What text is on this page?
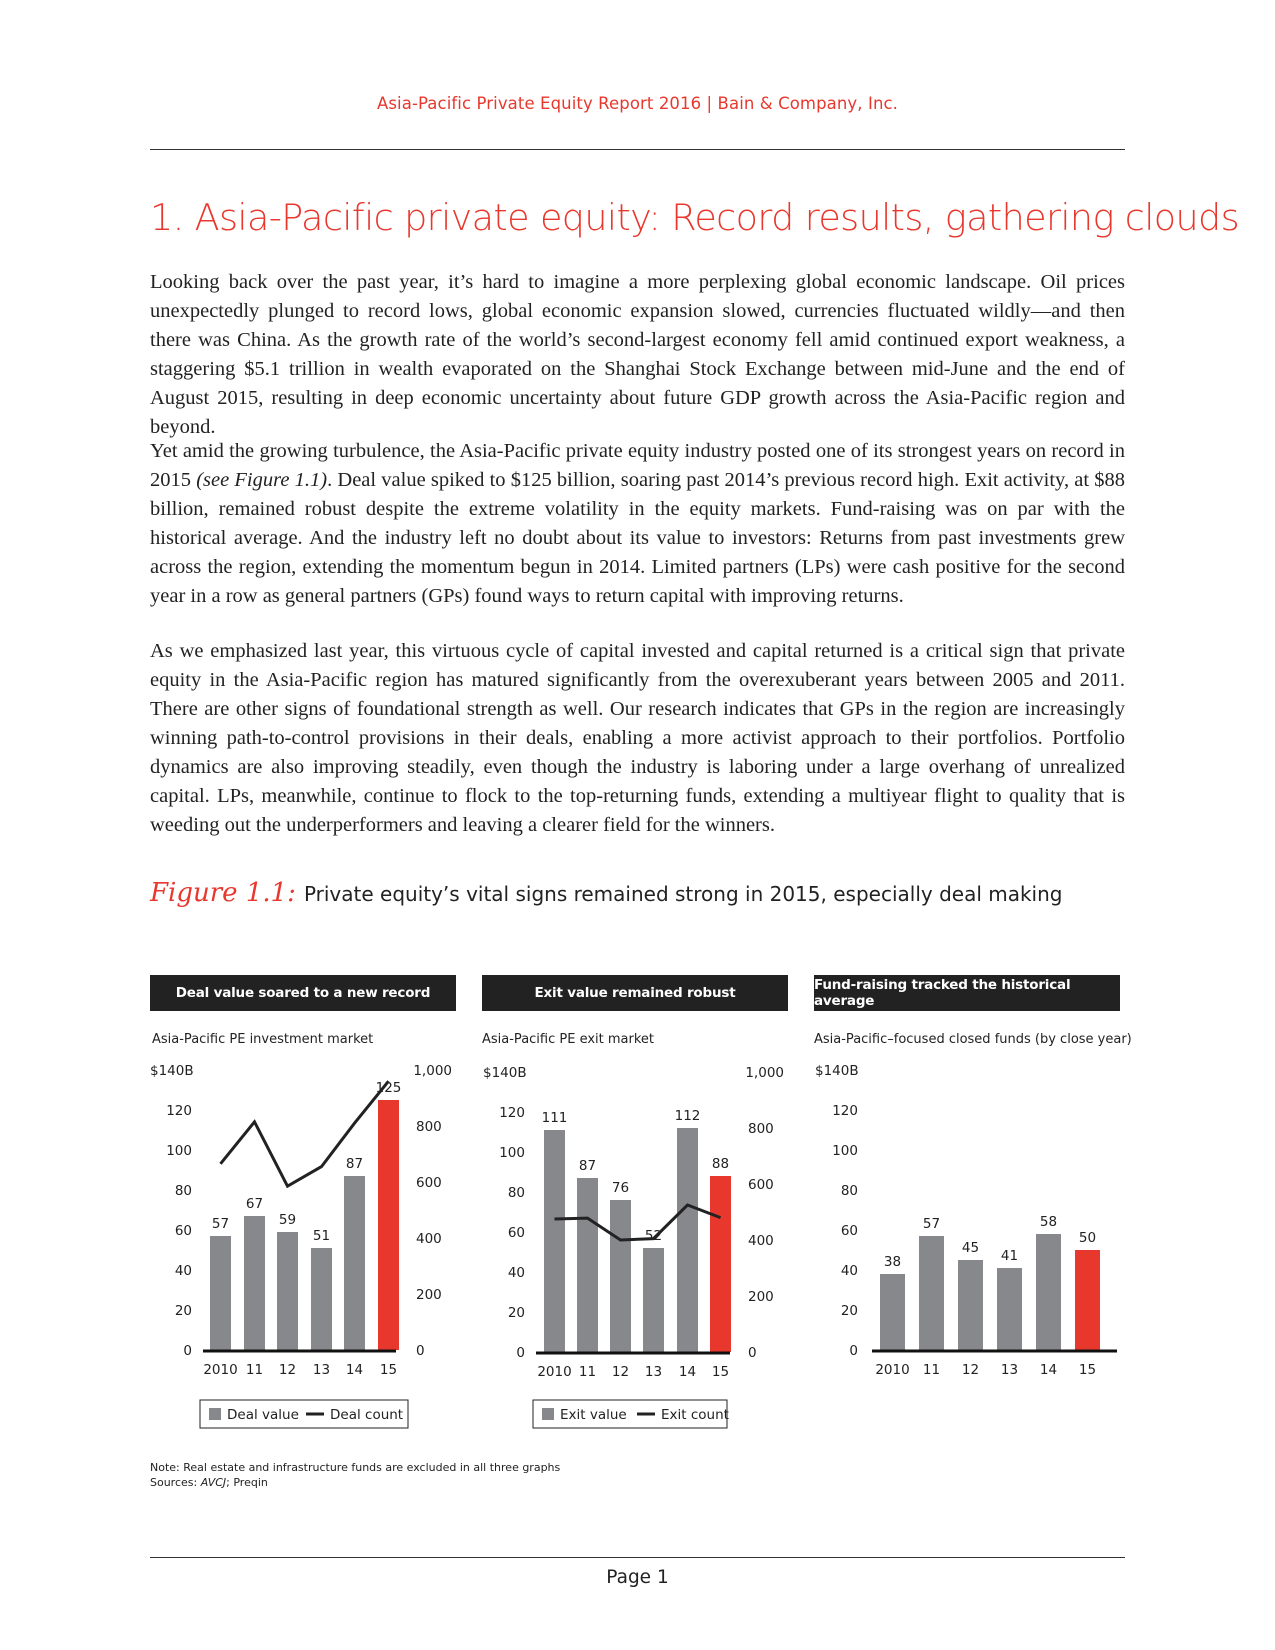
Asia-Pacific Private Equity Report 2016 | Bain & Company, Inc.
1. Asia-Pacific private equity: Record results, gathering clouds

Looking back over the past year, it’s hard to imagine a more perplexing global economic landscape. Oil prices unexpectedly plunged to record lows, global economic expansion slowed, currencies fluctuated wildly—and then there was China. As the growth rate of the world’s second-largest economy fell amid continued export weakness, a staggering $5.1 trillion in wealth evaporated on the Shanghai Stock Exchange between mid-June and the end of August 2015, resulting in deep economic uncertainty about future GDP growth across the Asia-Pacific region and beyond.

Yet amid the growing turbulence, the Asia-Pacific private equity industry posted one of its strongest years on record in 2015 (see Figure 1.1). Deal value spiked to $125 billion, soaring past 2014’s previous record high. Exit activity, at $88 billion, remained robust despite the extreme volatility in the equity markets. Fund-raising was on par with the historical average. And the industry left no doubt about its value to investors: Returns from past investments grew across the region, extending the momentum begun in 2014. Limited partners (LPs) were cash positive for the second year in a row as general partners (GPs) found ways to return capital with improving returns.

As we emphasized last year, this virtuous cycle of capital invested and capital returned is a critical sign that private equity in the Asia-Pacific region has matured significantly from the overexuberant years between 2005 and 2011. There are other signs of foundational strength as well. Our research indicates that GPs in the region are increasingly winning path-to-control provisions in their deals, enabling a more activist approach to their portfolios. Portfolio dynamics are also improving steadily, even though the industry is laboring under a large overhang of unrealized capital. LPs, meanwhile, continue to flock to the top-returning funds, extending a multiyear flight to quality that is weeding out the underperformers and leaving a clearer field for the winners.

Figure 1.1: Private equity’s vital signs remained strong in 2015, especially deal making
Deal value soared to a new record	Exit value remained robust	Fund-raising tracked the historical average
Asia-Pacific PE investment market	Asia-Pacific PE exit market	Asia-Pacific–focused closed funds (by close year)
0
20
40
60
80
100
120
$140B
0
200
400
600
800
1,000
57
67
59
51
87
125
2010 11 12 13 14 15
0
20
40
60
80
100
120
$140B
0
200
400
600
800
1,000
111
87
76
52
112
88
2010 11 12 13 14 15
0
20
40
60
80
100
120
$140B
38
57
45 41
58
50
2010 11 12 13 14 15
Deal value Deal count	Exit value	Exit count
Note: Real estate and infrastructure funds are excluded in all three graphs
Sources: AVCJ; Preqin
Page 1
